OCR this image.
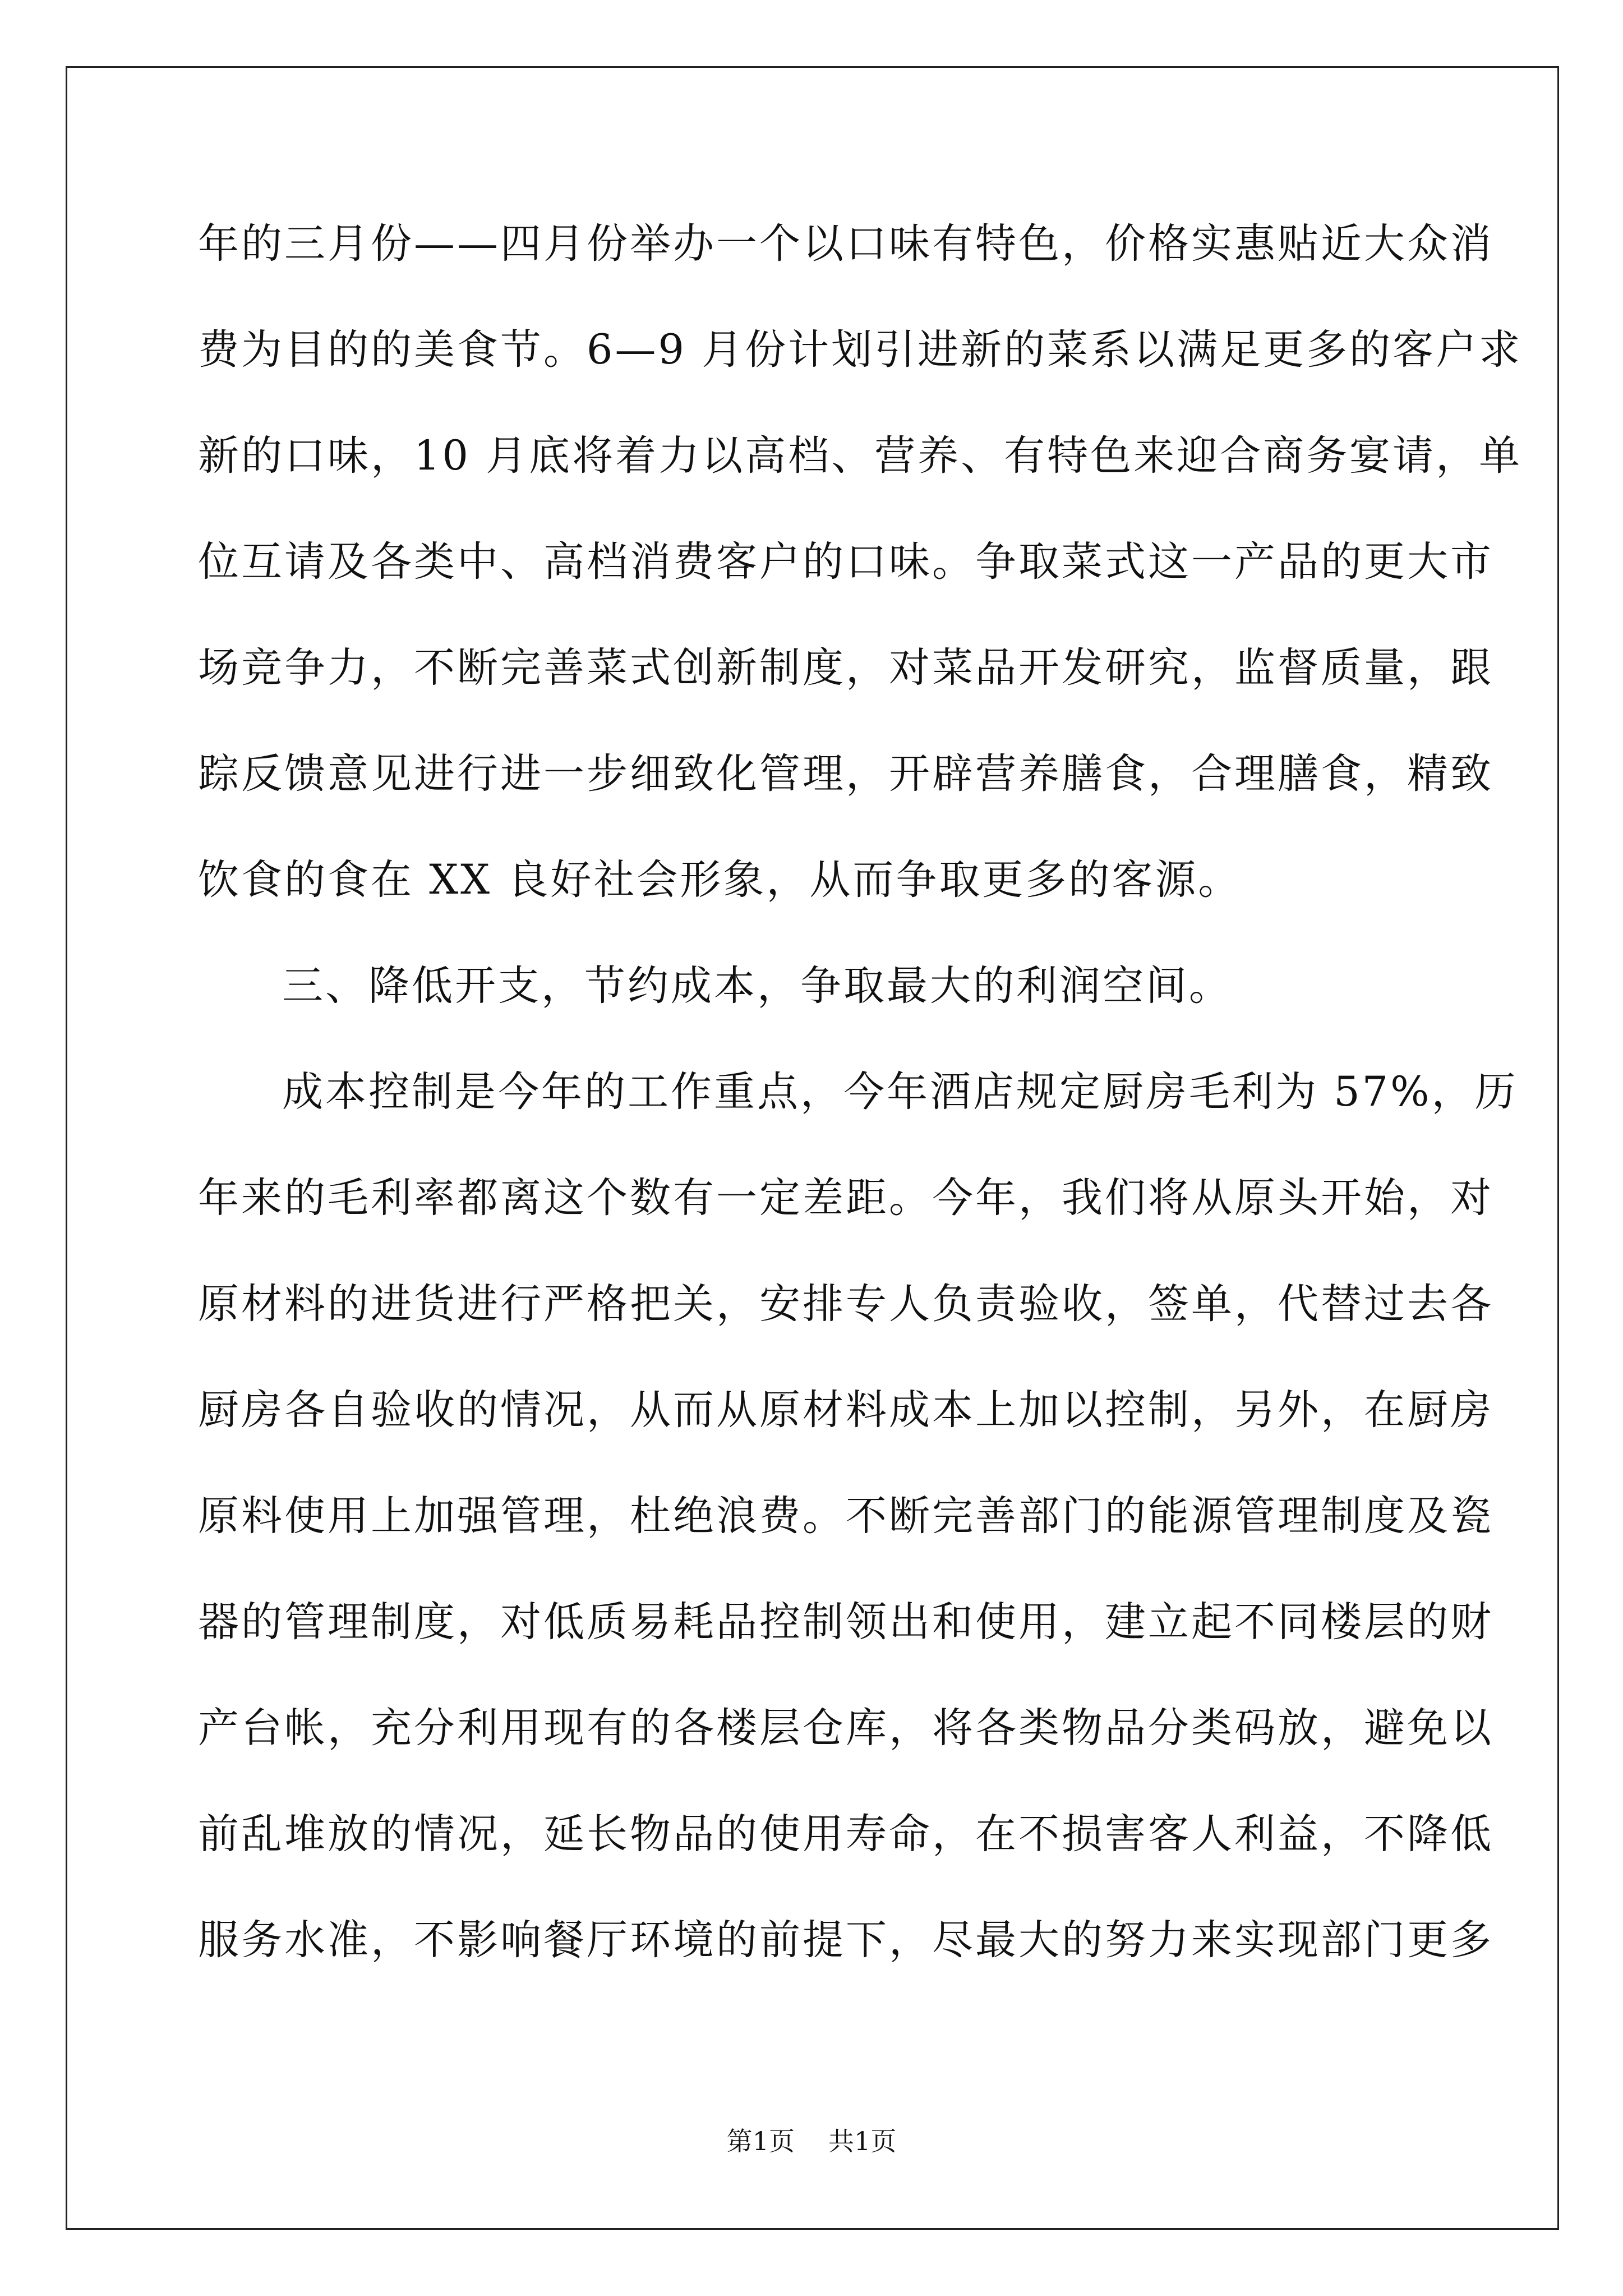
年的三月份——四月份举办一个以口味有特色，价格实惠贴近大众消
费为目的的美食节。6—9 月份计划引进新的菜系以满足更多的客户求
新的口味，10 月底将着力以高档、营养、有特色来迎合商务宴请，单
位互请及各类中、高档消费客户的口味。争取菜式这一产品的更大市
场竞争力，不断完善菜式创新制度，对菜品开发研究，监督质量，跟
踪反馈意见进行进一步细致化管理，开辟营养膳食，合理膳食，精致
饮食的食在 XX 良好社会形象，从而争取更多的客源。
三、降低开支，节约成本，争取最大的利润空间。
成本控制是今年的工作重点，今年酒店规定厨房毛利为 57%，历
年来的毛利率都离这个数有一定差距。今年，我们将从原头开始，对
原材料的进货进行严格把关，安排专人负责验收，签单，代替过去各
厨房各自验收的情况，从而从原材料成本上加以控制，另外，在厨房
原料使用上加强管理，杜绝浪费。不断完善部门的能源管理制度及瓷
器的管理制度，对低质易耗品控制领出和使用，建立起不同楼层的财
产台帐，充分利用现有的各楼层仓库，将各类物品分类码放，避免以
前乱堆放的情况，延长物品的使用寿命，在不损害客人利益，不降低
服务水准，不影响餐厅环境的前提下，尽最大的努力来实现部门更多
第1页 共1页
